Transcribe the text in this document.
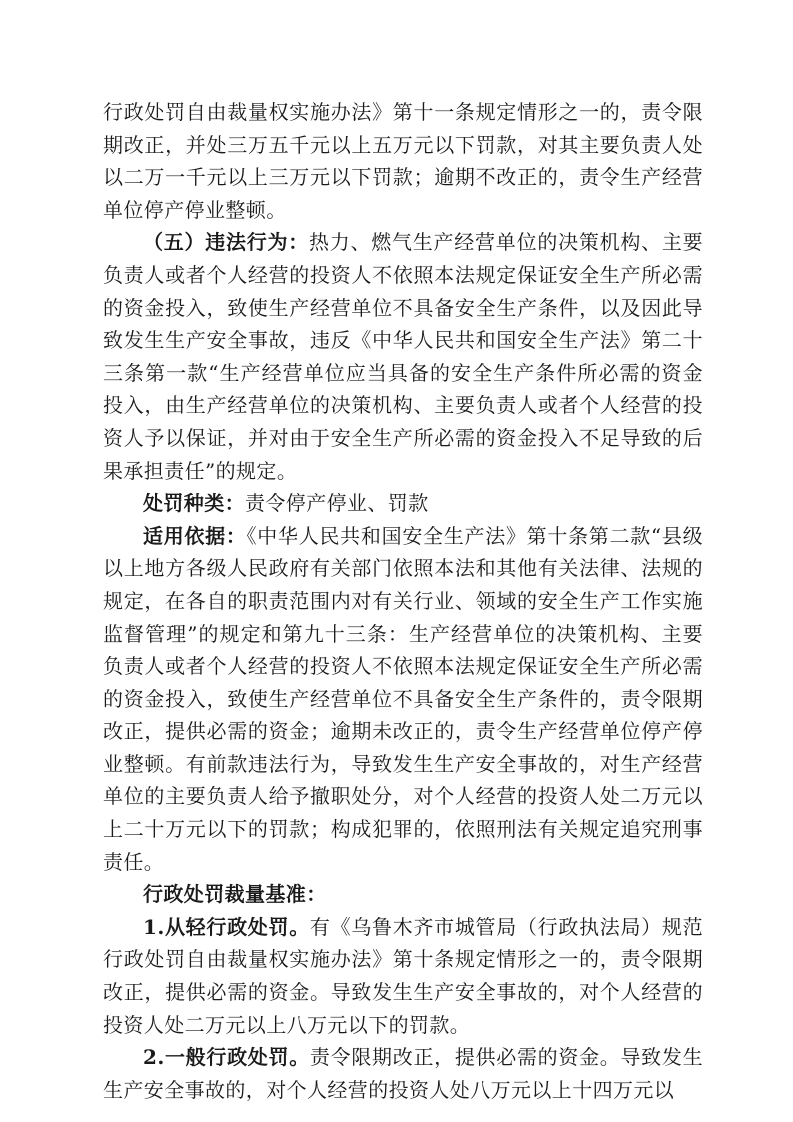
行政处罚自由裁量权实施办法》第十一条规定情形之一的，责令限期改正，并处三万五千元以上五万元以下罚款，对其主要负责人处以二万一千元以上三万元以下罚款；逾期不改正的，责令生产经营单位停产停业整顿。

（五）违法行为：热力、燃气生产经营单位的决策机构、主要负责人或者个人经营的投资人不依照本法规定保证安全生产所必需的资金投入，致使生产经营单位不具备安全生产条件，以及因此导致发生生产安全事故，违反《中华人民共和国安全生产法》第二十三条第一款“生产经营单位应当具备的安全生产条件所必需的资金投入，由生产经营单位的决策机构、主要负责人或者个人经营的投资人予以保证，并对由于安全生产所必需的资金投入不足导致的后果承担责任”的规定。

处罚种类：责令停产停业、罚款

适用依据：《中华人民共和国安全生产法》第十条第二款“县级以上地方各级人民政府有关部门依照本法和其他有关法律、法规的规定，在各自的职责范围内对有关行业、领域的安全生产工作实施监督管理”的规定和第九十三条：生产经营单位的决策机构、主要负责人或者个人经营的投资人不依照本法规定保证安全生产所必需的资金投入，致使生产经营单位不具备安全生产条件的，责令限期改正，提供必需的资金；逾期未改正的，责令生产经营单位停产停业整顿。有前款违法行为，导致发生生产安全事故的，对生产经营单位的主要负责人给予撤职处分，对个人经营的投资人处二万元以上二十万元以下的罚款；构成犯罪的，依照刑法有关规定追究刑事责任。

行政处罚裁量基准：

1.从轻行政处罚。有《乌鲁木齐市城管局（行政执法局）规范行政处罚自由裁量权实施办法》第十条规定情形之一的，责令限期改正，提供必需的资金。导致发生生产安全事故的，对个人经营的投资人处二万元以上八万元以下的罚款。

2.一般行政处罚。责令限期改正，提供必需的资金。导致发生生产安全事故的，对个人经营的投资人处八万元以上十四万元以
